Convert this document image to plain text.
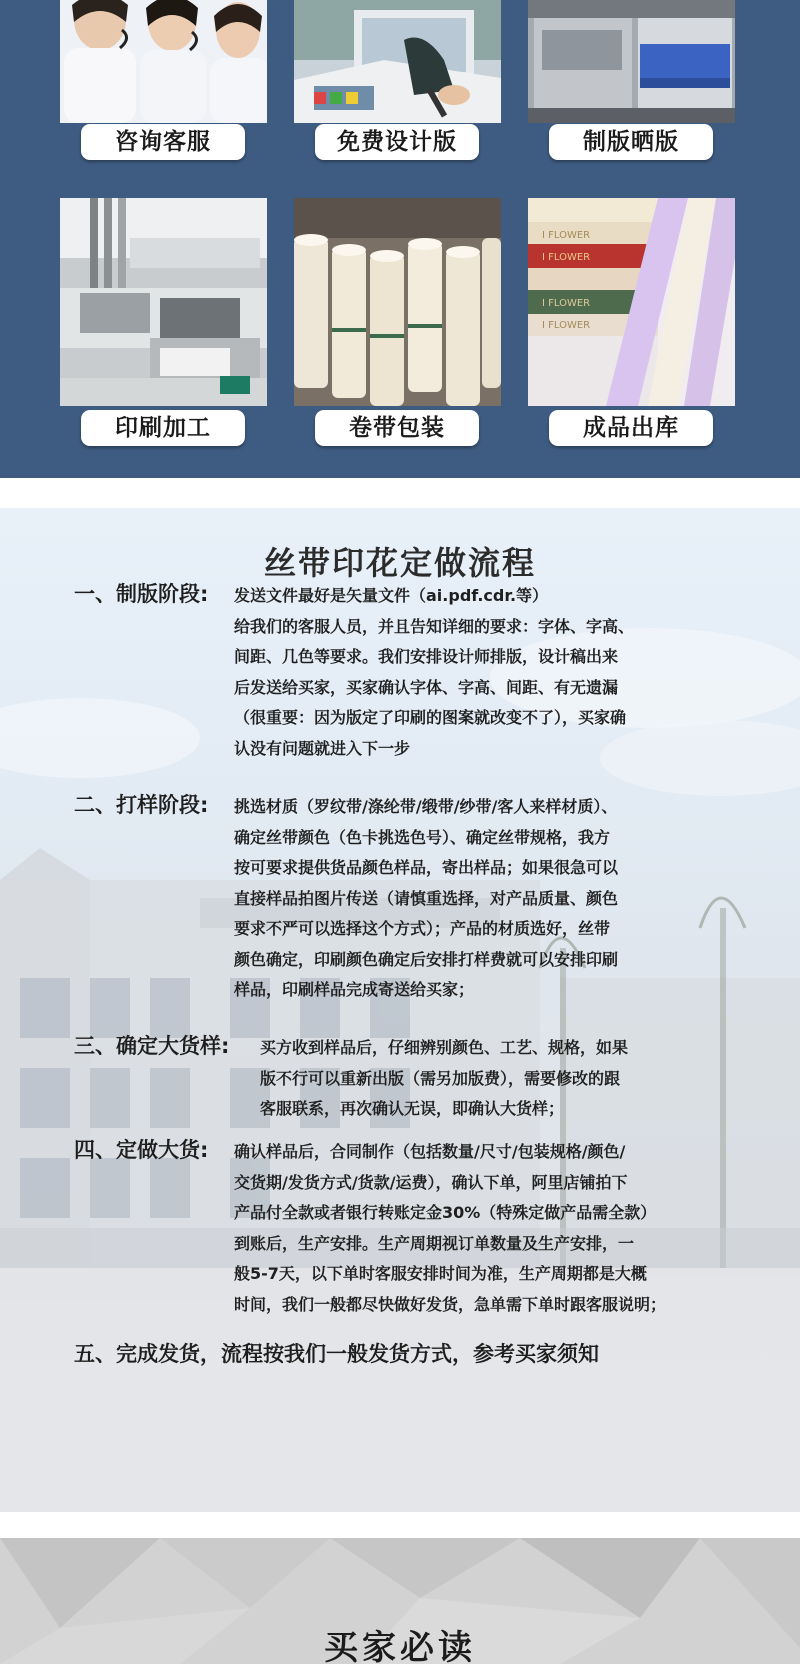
咨询客服	免费设计版	制版晒版
印刷加工	卷带包装
I FLOWER
I FLOWER
I FLOWER
I FLOWER
成品出库
丝带印花定做流程
一、制版阶段: 发送文件最好是矢量文件（ai.pdf.cdr.等）
给我们的客服人员，并且告知详细的要求：字体、字高、
间距、几色等要求。我们安排设计师排版，设计稿出来
后发送给买家，买家确认字体、字高、间距、有无遗漏
（很重要：因为版定了印刷的图案就改变不了），买家确
认没有问题就进入下一步
二、打样阶段: 挑选材质（罗纹带/涤纶带/缎带/纱带/客人来样材质）、
确定丝带颜色（色卡挑选色号）、确定丝带规格，我方
按可要求提供货品颜色样品，寄出样品；如果很急可以
直接样品拍图片传送（请慎重选择，对产品质量、颜色
要求不严可以选择这个方式）；产品的材质选好，丝带
颜色确定，印刷颜色确定后安排打样费就可以安排印刷
样品，印刷样品完成寄送给买家；
三、确定大货样: 买方收到样品后，仔细辨别颜色、工艺、规格，如果
版不行可以重新出版（需另加版费），需要修改的跟
客服联系，再次确认无误，即确认大货样；
四、定做大货: 确认样品后，合同制作（包括数量/尺寸/包装规格/颜色/
交货期/发货方式/货款/运费），确认下单，阿里店铺拍下
产品付全款或者银行转账定金30%（特殊定做产品需全款）
到账后，生产安排。生产周期视订单数量及生产安排，一
般5-7天，以下单时客服安排时间为准，生产周期都是大概
时间，我们一般都尽快做好发货，急单需下单时跟客服说明；
五、完成发货，流程按我们一般发货方式，参考买家须知
买家必读
